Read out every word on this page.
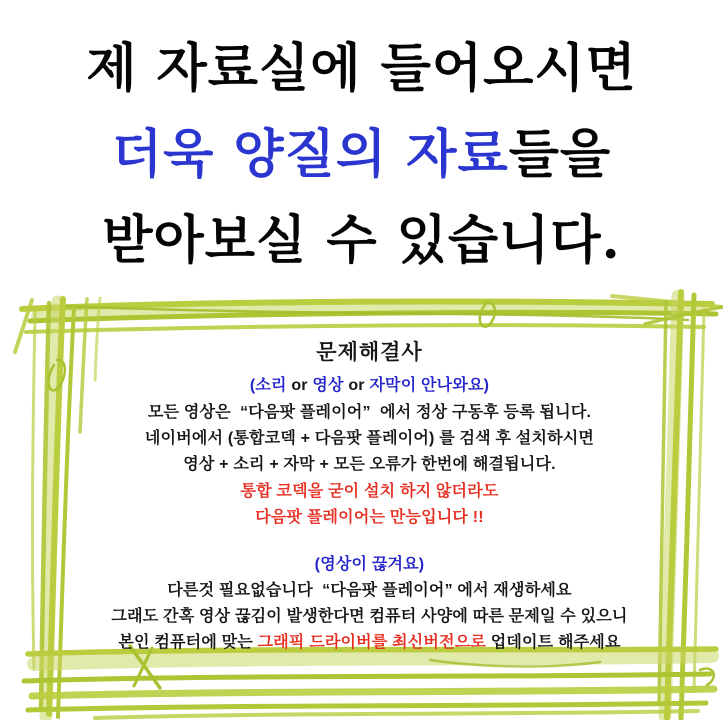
제 자료실에 들어오시면
더욱 양질의 자료들을
받아보실 수 있습니다.
문제해결사
(소리 or 영상 or 자막이 안나와요)
모든 영상은  “다음팟 플레이어”  에서 정상 구동후 등록 됩니다.
네이버에서 (통합코덱 + 다음팟 플레이어) 를 검색 후 설치하시면
영상 + 소리 + 자막 + 모든 오류가 한번에 해결됩니다.
통합 코덱을 굳이 설치 하지 않더라도
다음팟 플레이어는 만능입니다 !!
(영상이 끊겨요)
다른것 필요없습니다  “다음팟 플레이어” 에서 재생하세요
그래도 간혹 영상 끊김이 발생한다면 컴퓨터 사양에 따른 문제일 수 있으니
본인 컴퓨터에 맞는 그래픽 드라이버를 최신버전으로 업데이트 해주세요
